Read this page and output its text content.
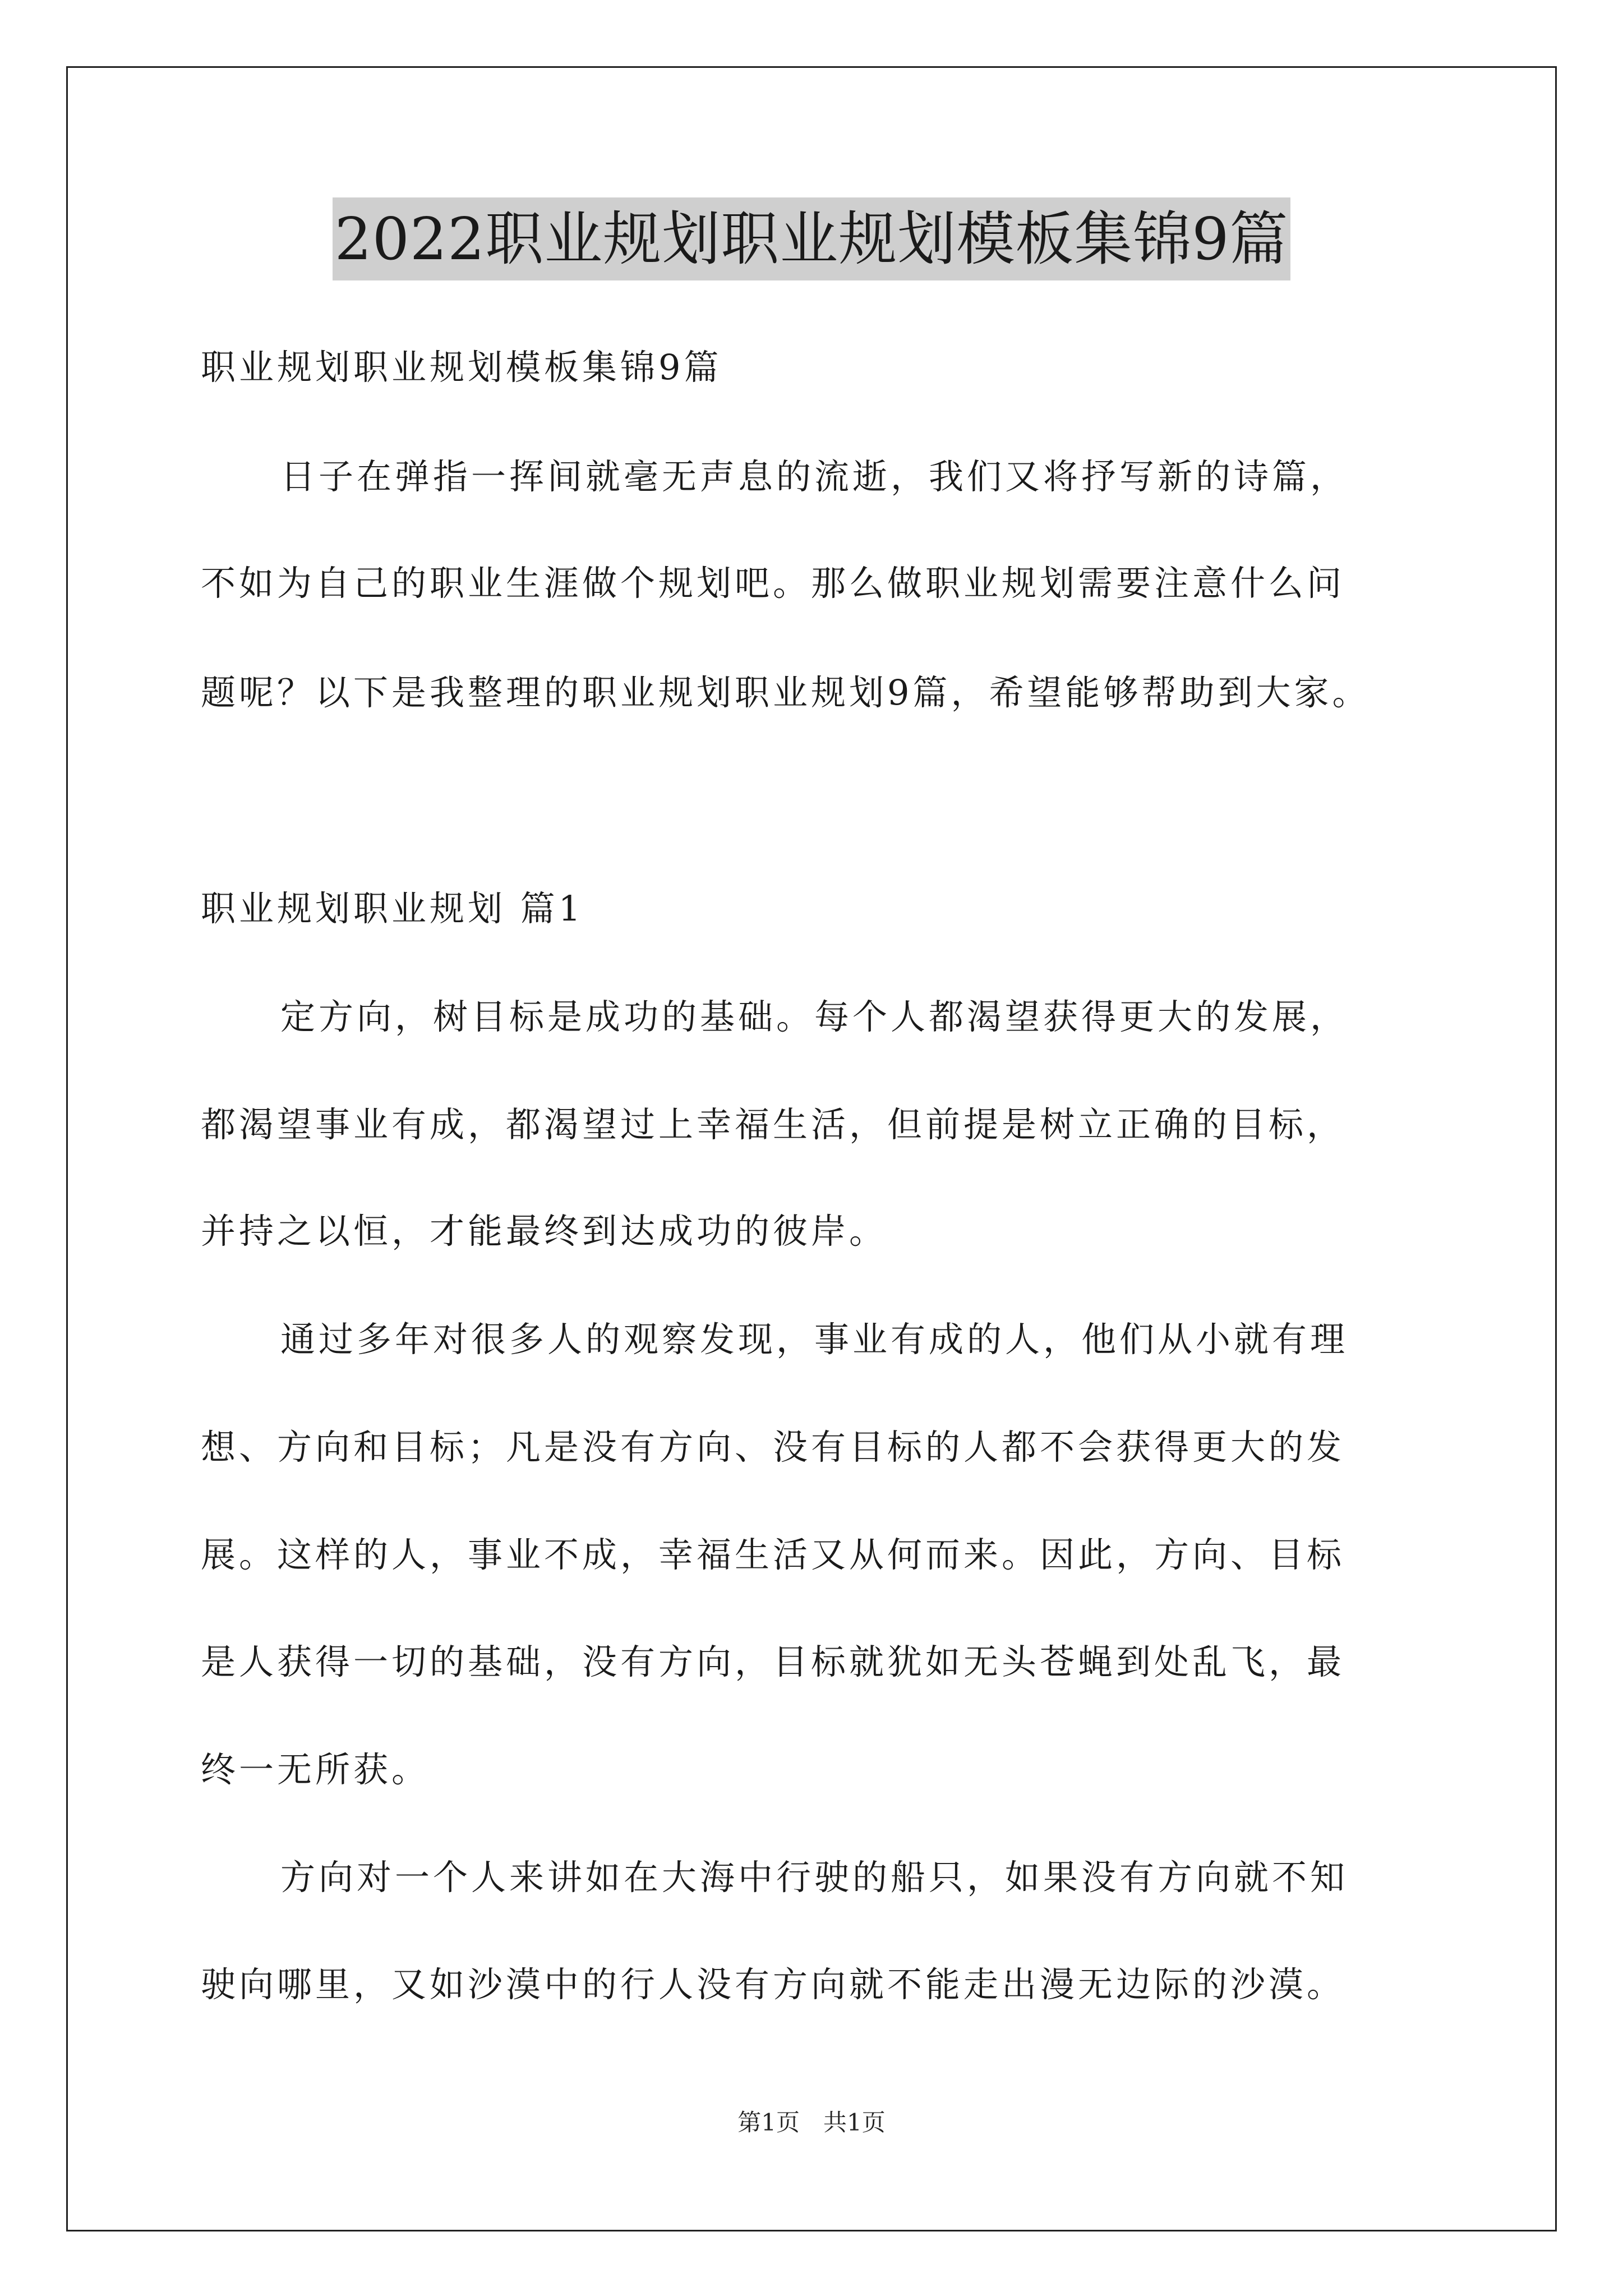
2022职业规划职业规划模板集锦9篇

职业规划职业规划模板集锦9篇

日子在弹指一挥间就毫无声息的流逝，我们又将抒写新的诗篇，

不如为自己的职业生涯做个规划吧。那么做职业规划需要注意什么问

题呢？以下是我整理的职业规划职业规划9篇，希望能够帮助到大家。

职业规划职业规划 篇1

定方向，树目标是成功的基础。每个人都渴望获得更大的发展，

都渴望事业有成，都渴望过上幸福生活，但前提是树立正确的目标，

并持之以恒，才能最终到达成功的彼岸。

通过多年对很多人的观察发现，事业有成的人，他们从小就有理

想、方向和目标；凡是没有方向、没有目标的人都不会获得更大的发

展。这样的人，事业不成，幸福生活又从何而来。因此，方向、目标

是人获得一切的基础，没有方向，目标就犹如无头苍蝇到处乱飞，最

终一无所获。

方向对一个人来讲如在大海中行驶的船只，如果没有方向就不知

驶向哪里，又如沙漠中的行人没有方向就不能走出漫无边际的沙漠。

第1页　共1页
